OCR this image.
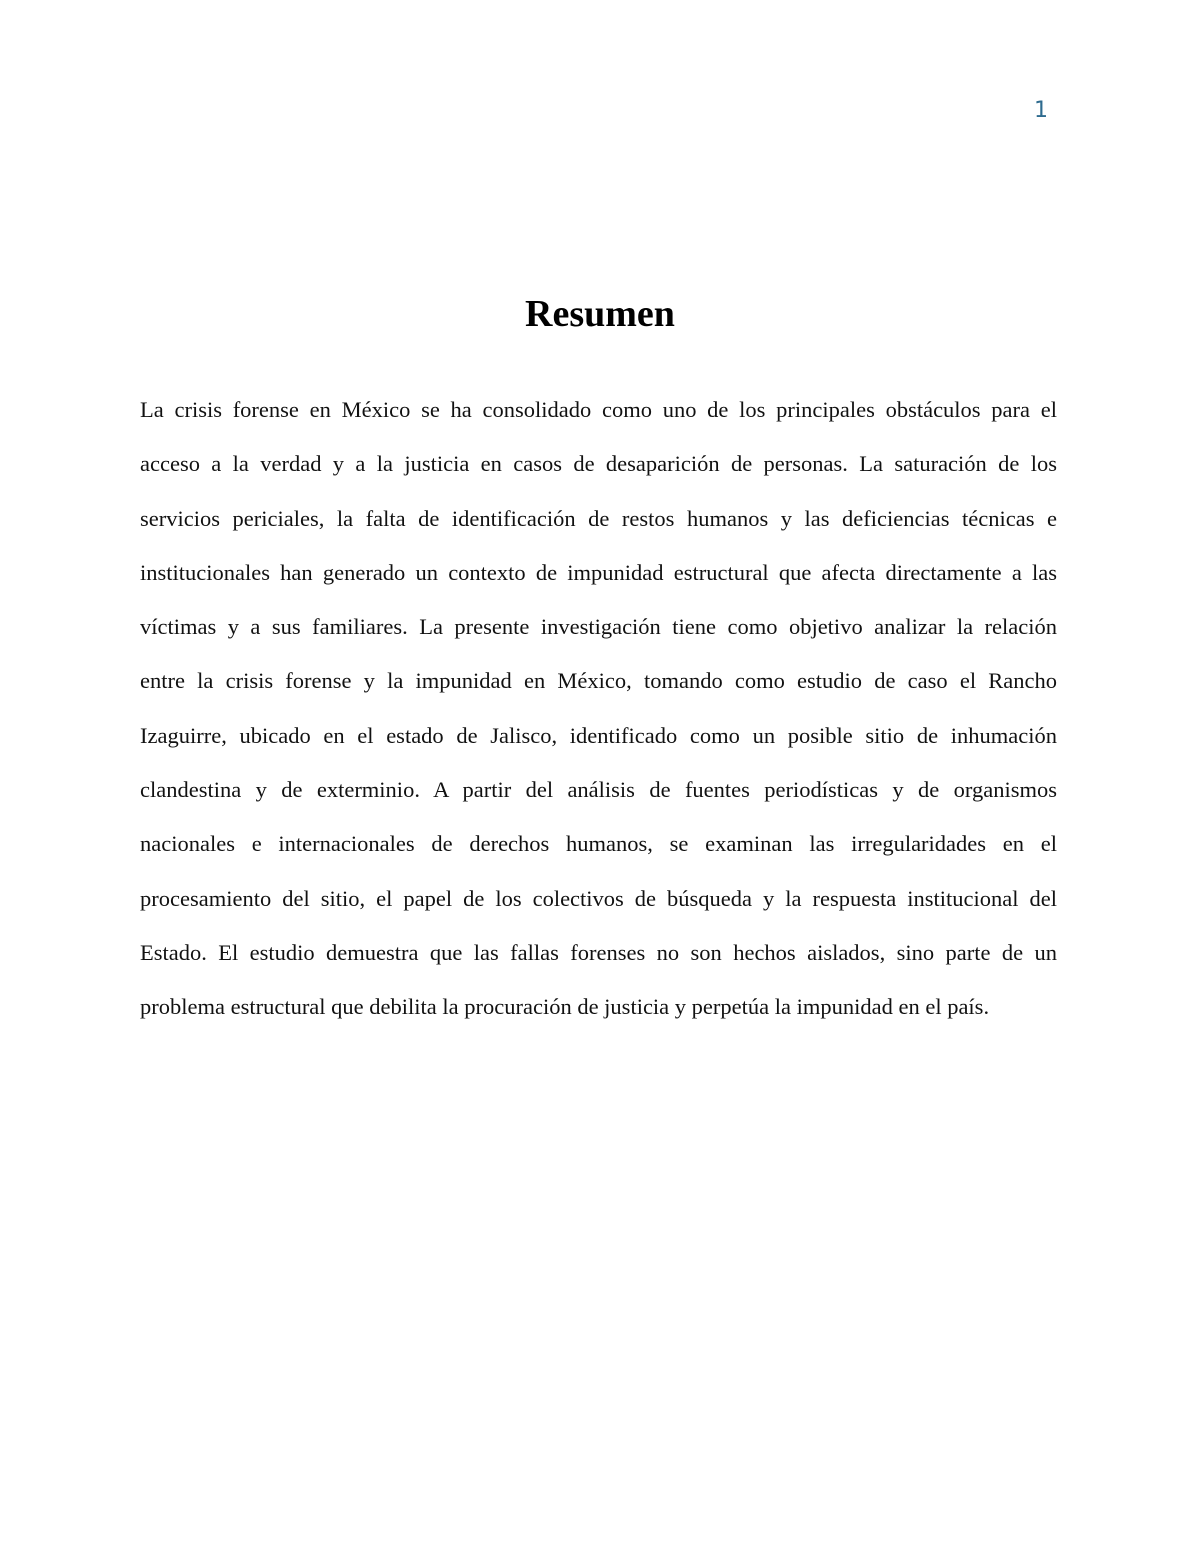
1
Resumen
La crisis forense en México se ha consolidado como uno de los principales obstáculos para el
acceso a la verdad y a la justicia en casos de desaparición de personas. La saturación de los
servicios periciales, la falta de identificación de restos humanos y las deficiencias técnicas e
institucionales han generado un contexto de impunidad estructural que afecta directamente a las
víctimas y a sus familiares. La presente investigación tiene como objetivo analizar la relación
entre la crisis forense y la impunidad en México, tomando como estudio de caso el Rancho
Izaguirre, ubicado en el estado de Jalisco, identificado como un posible sitio de inhumación
clandestina y de exterminio. A partir del análisis de fuentes periodísticas y de organismos
nacionales e internacionales de derechos humanos, se examinan las irregularidades en el
procesamiento del sitio, el papel de los colectivos de búsqueda y la respuesta institucional del
Estado. El estudio demuestra que las fallas forenses no son hechos aislados, sino parte de un
problema estructural que debilita la procuración de justicia y perpetúa la impunidad en el país.
